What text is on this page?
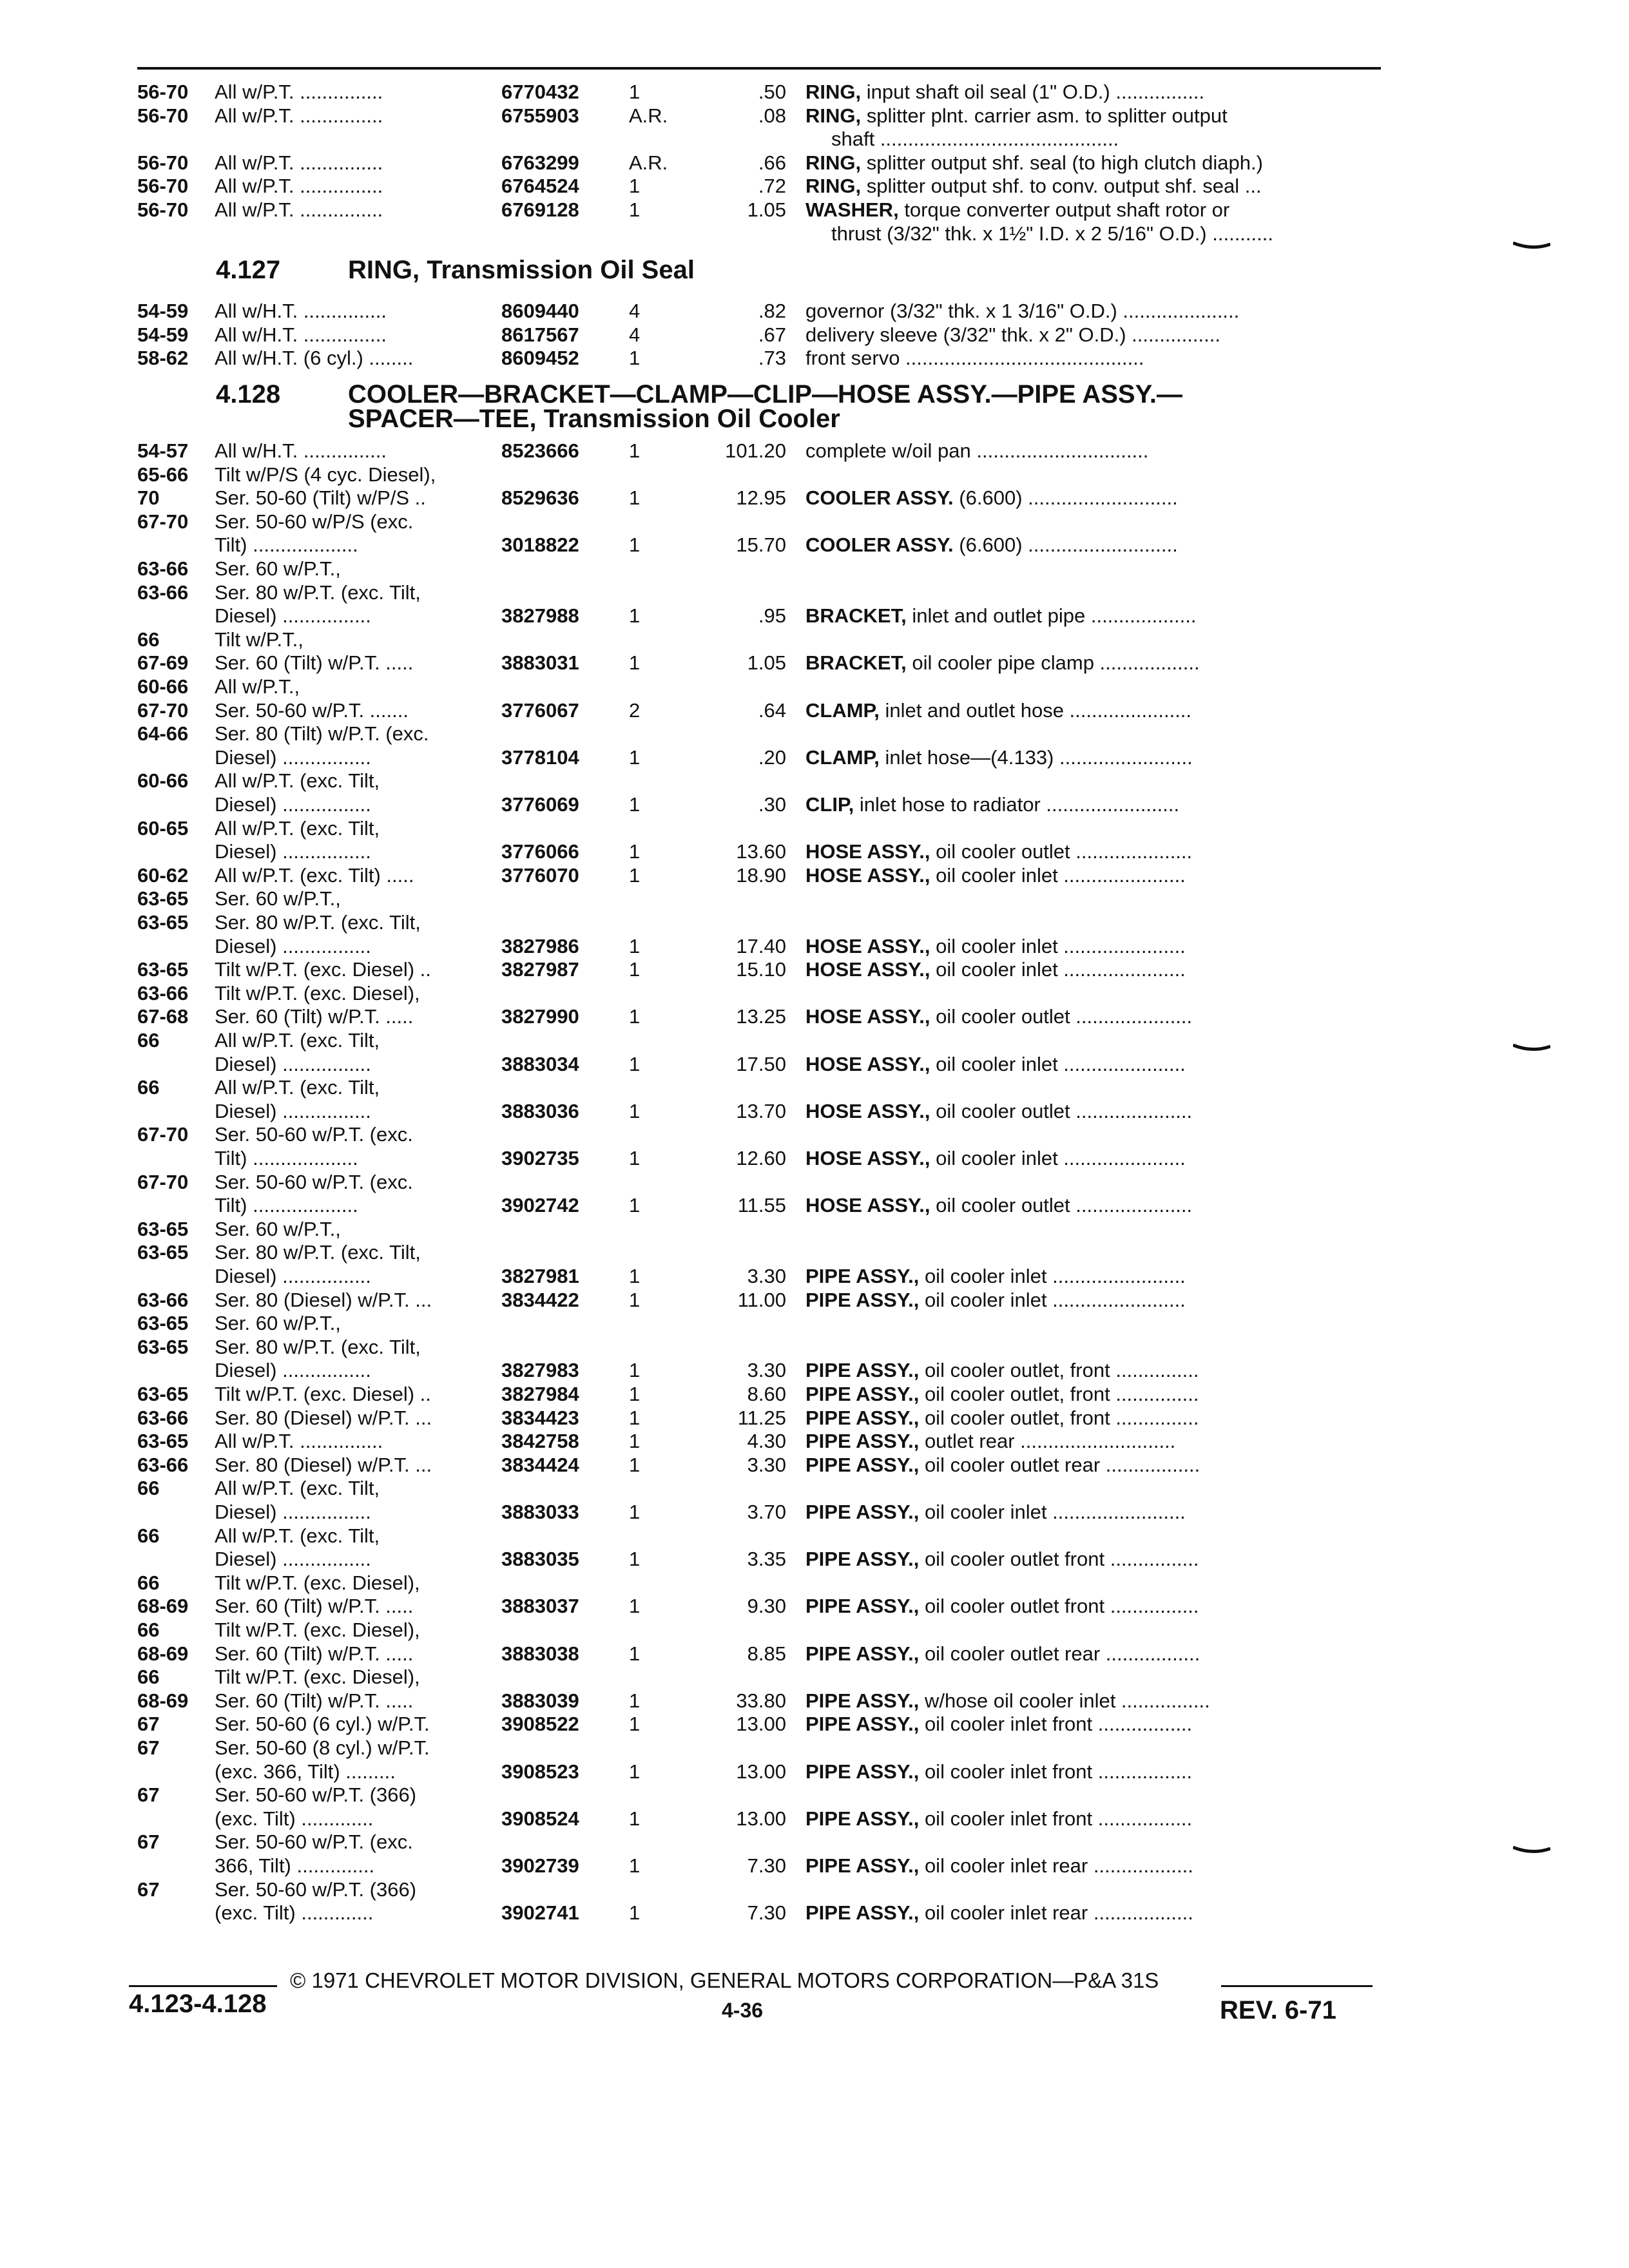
56-70 All w/P.T. ...............	6770432 1	.50 RING, input shaft oil seal (1" O.D.) ................
56-70 All w/P.T. ...............	6755903 A.R.	.08 RING, splitter plnt. carrier asm. to splitter output
shaft ...........................................
56-70 All w/P.T. ...............	6763299 A.R.	.66 RING, splitter output shf. seal (to high clutch diaph.)
56-70 All w/P.T. ...............	6764524 1	.72 RING, splitter output shf. to conv. output shf. seal ...
56-70 All w/P.T. ...............	6769128 1	1.05 WASHER, torque converter output shaft rotor or
thrust (3/32" thk. x 1½" I.D. x 2 5/16" O.D.) ...........
4.127	RING, Transmission Oil Seal
54-59 All w/H.T. ...............	8609440 4	.82 governor (3/32" thk. x 1 3/16" O.D.) .....................
54-59 All w/H.T. ...............	8617567 4	.67 delivery sleeve (3/32" thk. x 2" O.D.) ................
58-62 All w/H.T. (6 cyl.) ........	8609452 1	.73 front servo ...........................................
4.128	COOLER—BRACKET—CLAMP—CLIP—HOSE ASSY.—PIPE ASSY.—
SPACER—TEE, Transmission Oil Cooler
54-57 All w/H.T. ...............	8523666 1	101.20 complete w/oil pan ...............................
65-66 Tilt w/P/S (4 cyc. Diesel),
70	Ser. 50-60 (Tilt) w/P/S ..	8529636 1	12.95 COOLER ASSY. (6.600) ...........................
67-70 Ser. 50-60 w/P/S (exc.
Tilt) ...................	3018822 1	15.70 COOLER ASSY. (6.600) ...........................
63-66 Ser. 60 w/P.T.,
63-66 Ser. 80 w/P.T. (exc. Tilt,
Diesel) ................	3827988 1	.95 BRACKET, inlet and outlet pipe ...................
66	Tilt w/P.T.,
67-69 Ser. 60 (Tilt) w/P.T. .....	3883031 1	1.05 BRACKET, oil cooler pipe clamp ..................
60-66 All w/P.T.,
67-70 Ser. 50-60 w/P.T. .......	3776067 2	.64 CLAMP, inlet and outlet hose ......................
64-66 Ser. 80 (Tilt) w/P.T. (exc.
Diesel) ................	3778104 1	.20 CLAMP, inlet hose—(4.133) ........................
60-66 All w/P.T. (exc. Tilt,
Diesel) ................	3776069 1	.30 CLIP, inlet hose to radiator ........................
60-65 All w/P.T. (exc. Tilt,
Diesel) ................	3776066 1	13.60 HOSE ASSY., oil cooler outlet .....................
60-62 All w/P.T. (exc. Tilt) .....	3776070 1	18.90 HOSE ASSY., oil cooler inlet ......................
63-65 Ser. 60 w/P.T.,
63-65 Ser. 80 w/P.T. (exc. Tilt,
Diesel) ................	3827986 1	17.40 HOSE ASSY., oil cooler inlet ......................
63-65 Tilt w/P.T. (exc. Diesel) ..	3827987 1	15.10 HOSE ASSY., oil cooler inlet ......................
63-66 Tilt w/P.T. (exc. Diesel),
67-68 Ser. 60 (Tilt) w/P.T. .....	3827990 1	13.25 HOSE ASSY., oil cooler outlet .....................
66	All w/P.T. (exc. Tilt,
Diesel) ................	3883034 1	17.50 HOSE ASSY., oil cooler inlet ......................
66	All w/P.T. (exc. Tilt,
Diesel) ................	3883036 1	13.70 HOSE ASSY., oil cooler outlet .....................
67-70 Ser. 50-60 w/P.T. (exc.
Tilt) ...................	3902735 1	12.60 HOSE ASSY., oil cooler inlet ......................
67-70 Ser. 50-60 w/P.T. (exc.
Tilt) ...................	3902742 1	11.55 HOSE ASSY., oil cooler outlet .....................
63-65 Ser. 60 w/P.T.,
63-65 Ser. 80 w/P.T. (exc. Tilt,
Diesel) ................	3827981 1	3.30 PIPE ASSY., oil cooler inlet ........................
63-66 Ser. 80 (Diesel) w/P.T. ...	3834422 1	11.00 PIPE ASSY., oil cooler inlet ........................
63-65 Ser. 60 w/P.T.,
63-65 Ser. 80 w/P.T. (exc. Tilt,
Diesel) ................	3827983 1	3.30 PIPE ASSY., oil cooler outlet, front ...............
63-65 Tilt w/P.T. (exc. Diesel) ..	3827984 1	8.60 PIPE ASSY., oil cooler outlet, front ...............
63-66 Ser. 80 (Diesel) w/P.T. ...	3834423 1	11.25 PIPE ASSY., oil cooler outlet, front ...............
63-65 All w/P.T. ...............	3842758 1	4.30 PIPE ASSY., outlet rear ............................
63-66 Ser. 80 (Diesel) w/P.T. ...	3834424 1	3.30 PIPE ASSY., oil cooler outlet rear .................
66	All w/P.T. (exc. Tilt,
Diesel) ................	3883033 1	3.70 PIPE ASSY., oil cooler inlet ........................
66	All w/P.T. (exc. Tilt,
Diesel) ................	3883035 1	3.35 PIPE ASSY., oil cooler outlet front ................
66	Tilt w/P.T. (exc. Diesel),
68-69 Ser. 60 (Tilt) w/P.T. .....	3883037 1	9.30 PIPE ASSY., oil cooler outlet front ................
66	Tilt w/P.T. (exc. Diesel),
68-69 Ser. 60 (Tilt) w/P.T. .....	3883038 1	8.85 PIPE ASSY., oil cooler outlet rear .................
66	Tilt w/P.T. (exc. Diesel),
68-69 Ser. 60 (Tilt) w/P.T. .....	3883039 1	33.80 PIPE ASSY., w/hose oil cooler inlet ................
67	Ser. 50-60 (6 cyl.) w/P.T.	3908522 1	13.00 PIPE ASSY., oil cooler inlet front .................
67	Ser. 50-60 (8 cyl.) w/P.T.
(exc. 366, Tilt) .........	3908523 1	13.00 PIPE ASSY., oil cooler inlet front .................
67	Ser. 50-60 w/P.T. (366)
(exc. Tilt) .............	3908524 1	13.00 PIPE ASSY., oil cooler inlet front .................
67	Ser. 50-60 w/P.T. (exc.
366, Tilt) ..............	3902739 1	7.30 PIPE ASSY., oil cooler inlet rear ..................
67	Ser. 50-60 w/P.T. (366)
(exc. Tilt) .............	3902741 1	7.30 PIPE ASSY., oil cooler inlet rear ..................
© 1971 CHEVROLET MOTOR DIVISION, GENERAL MOTORS CORPORATION—P&A 31S
4.123-4.128	4-36	REV. 6-71
